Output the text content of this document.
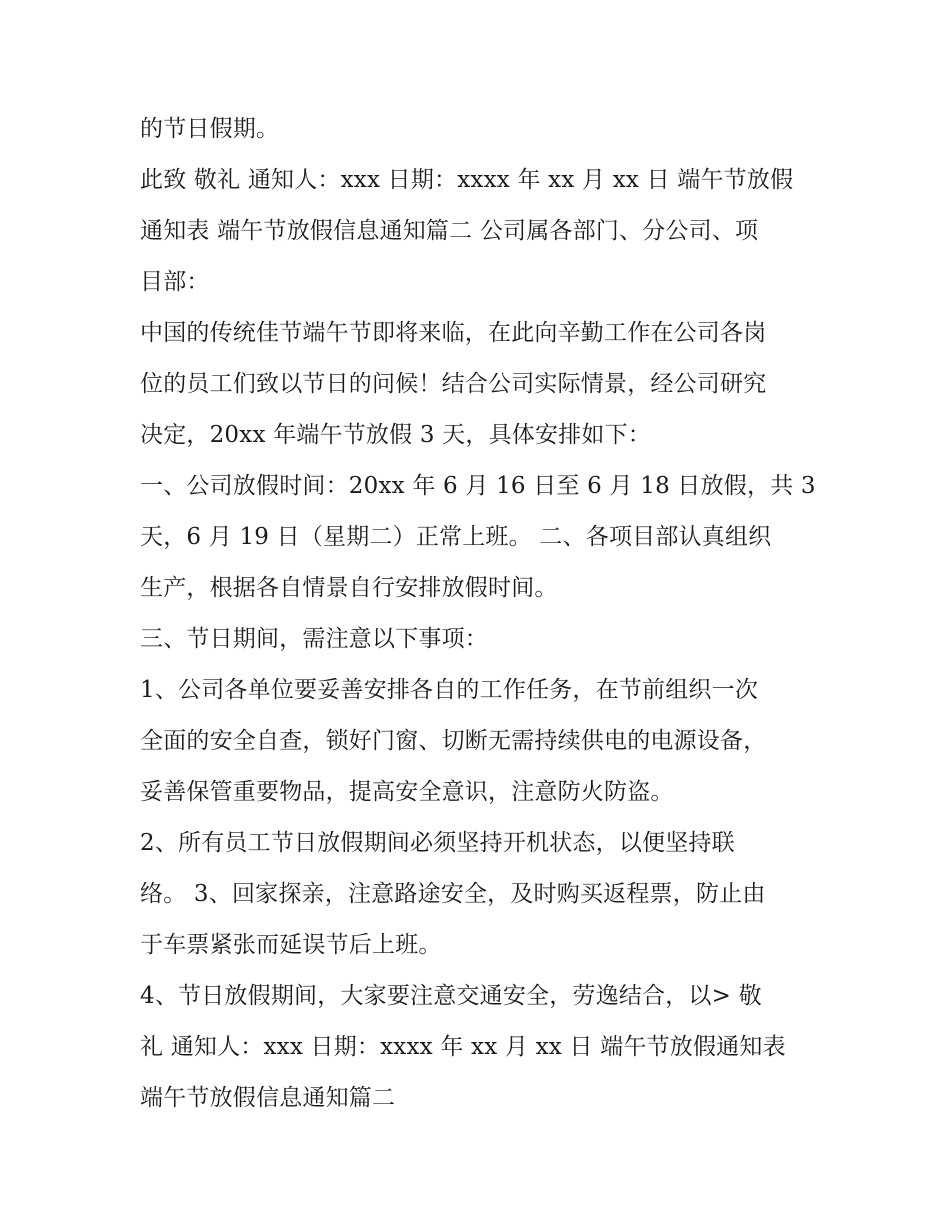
的节日假期。
此致 敬礼 通知人：xxx 日期：xxxx 年 xx 月 xx 日 端午节放假
通知表 端午节放假信息通知篇二 公司属各部门、分公司、项
目部：
中国的传统佳节端午节即将来临，在此向辛勤工作在公司各岗
位的员工们致以节日的问候！结合公司实际情景，经公司研究
决定，20xx 年端午节放假 3 天，具体安排如下：
一、公司放假时间：20xx 年 6 月 16 日至 6 月 18 日放假，共 3
天，6 月 19 日（星期二）正常上班。 二、各项目部认真组织
生产，根据各自情景自行安排放假时间。
三、节日期间，需注意以下事项：
1、公司各单位要妥善安排各自的工作任务，在节前组织一次
全面的安全自查，锁好门窗、切断无需持续供电的电源设备，
妥善保管重要物品，提高安全意识，注意防火防盗。
2、所有员工节日放假期间必须坚持开机状态，以便坚持联
络。 3、回家探亲，注意路途安全，及时购买返程票，防止由
于车票紧张而延误节后上班。
4、节日放假期间，大家要注意交通安全，劳逸结合，以> 敬
礼 通知人：xxx 日期：xxxx 年 xx 月 xx 日 端午节放假通知表
端午节放假信息通知篇二
